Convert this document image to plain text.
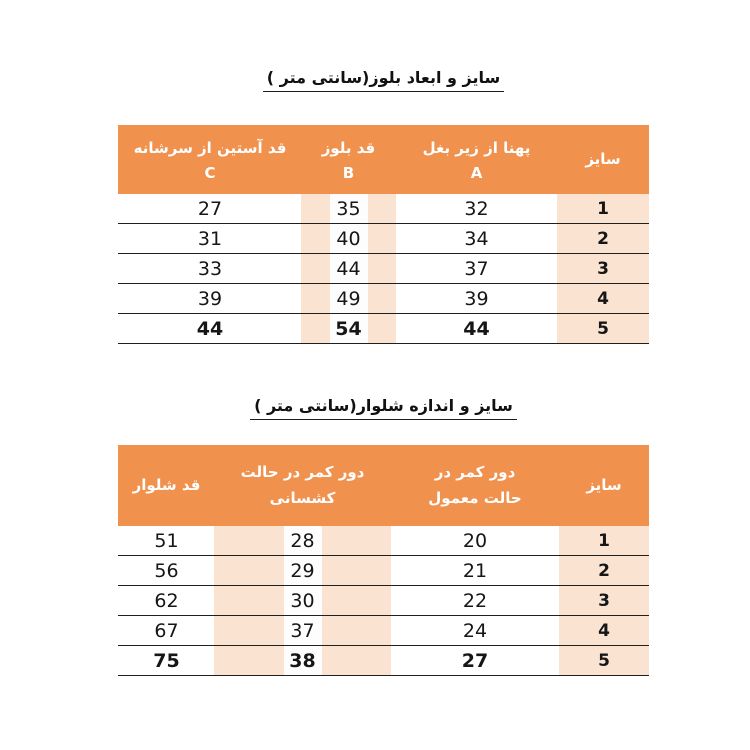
سایز و ابعاد بلوز(سانتی متر )
سایز
پهنا از زیر بغل
A
قد بلوز
B
قد آستین از سرشانه
C
1
32
35
27
2
34
40
31
3
37
44
33
4
39
49
39
5
44
54
44
سایز و اندازه شلوار(سانتی متر )
سایز
دور کمر در
حالت معمول
دور کمر در حالت
کشسانی
قد شلوار
1
20
28
51
2
21
29
56
3
22
30
62
4
24
37
67
5
27
38
75
